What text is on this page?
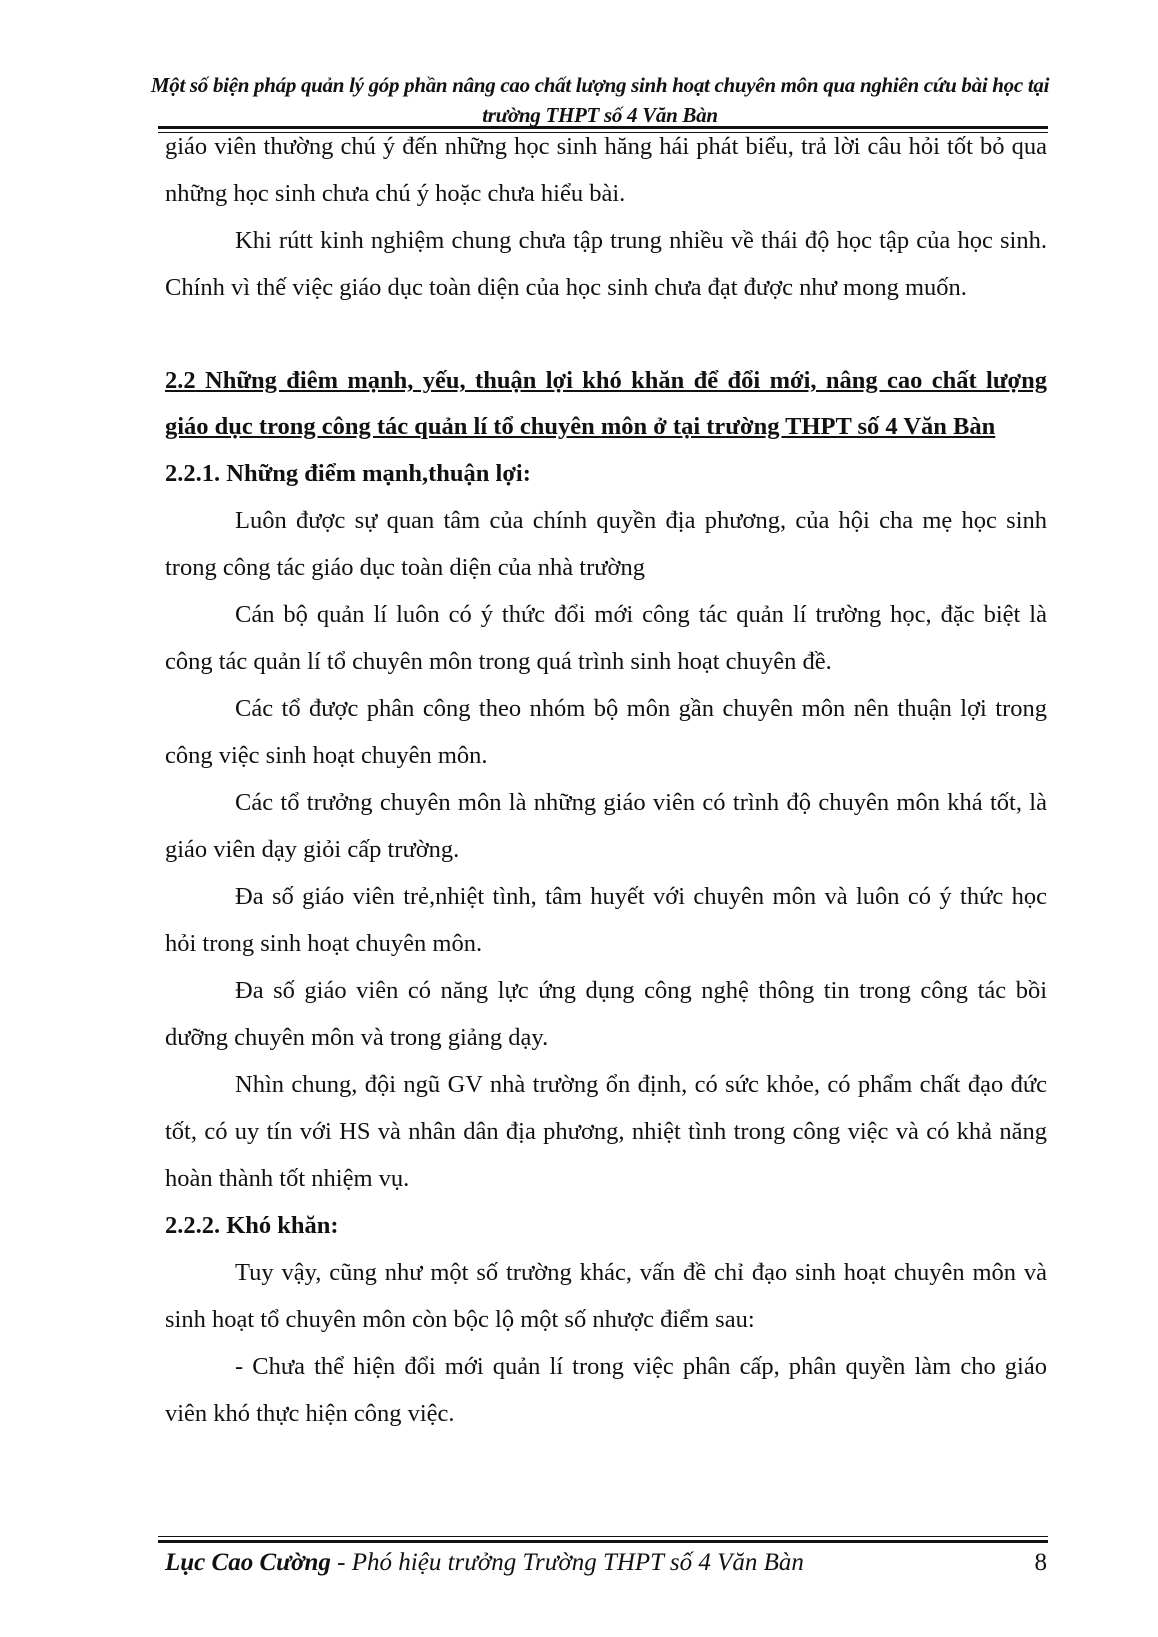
Một số biện pháp quản lý góp phần nâng cao chất lượng sinh hoạt chuyên môn qua nghiên cứu bài học tại
trường THPT số 4 Văn Bàn

giáo viên thường chú ý đến những học sinh hăng hái phát biểu, trả lời câu hỏi tốt bỏ qua những học sinh chưa chú ý hoặc chưa hiểu bài.

Khi rútt kinh nghiệm chung chưa tập trung nhiều về thái độ học tập của học sinh. Chính vì thế việc giáo dục toàn diện của học sinh chưa đạt được như mong muốn.

2.2 Những điêm mạnh, yếu, thuận lợi khó khăn để đổi mới, nâng cao chất lượng giáo dục trong công tác quản lí tổ chuyên môn ở tại trường THPT số 4 Văn Bàn

2.2.1. Những điểm mạnh,thuận lợi:

Luôn được sự quan tâm của chính quyền địa phương, của hội cha mẹ học sinh trong công tác giáo dục toàn diện của nhà trường

Cán bộ quản lí luôn có ý thức đổi mới công tác quản lí trường học, đặc biệt là công tác quản lí tổ chuyên môn trong quá trình sinh hoạt chuyên đề.

Các tổ được phân công theo nhóm bộ môn gần chuyên môn nên thuận lợi trong công việc sinh hoạt chuyên môn.

Các tổ trưởng chuyên môn là những giáo viên có trình độ chuyên môn khá tốt, là giáo viên dạy giỏi cấp trường.

Đa số giáo viên trẻ,nhiệt tình, tâm huyết với chuyên môn và luôn có ý thức học hỏi trong sinh hoạt chuyên môn.

Đa số giáo viên có năng lực ứng dụng công nghệ thông tin trong công tác bồi dưỡng chuyên môn và trong giảng dạy.

Nhìn chung, đội ngũ GV nhà trường ổn định, có sức khỏe, có phẩm chất đạo đức tốt, có uy tín với HS và nhân dân địa phương, nhiệt tình trong công việc và có khả năng hoàn thành tốt nhiệm vụ.

2.2.2. Khó khăn:

Tuy vậy, cũng như một số trường khác, vấn đề chỉ đạo sinh hoạt chuyên môn và sinh hoạt tổ chuyên môn còn bộc lộ một số nhược điểm sau:

- Chưa thể hiện đổi mới quản lí trong việc phân cấp, phân quyền làm cho giáo viên khó thực hiện công việc.

Lục Cao Cường - Phó hiệu trưởng Trường THPT số 4 Văn Bàn	8
